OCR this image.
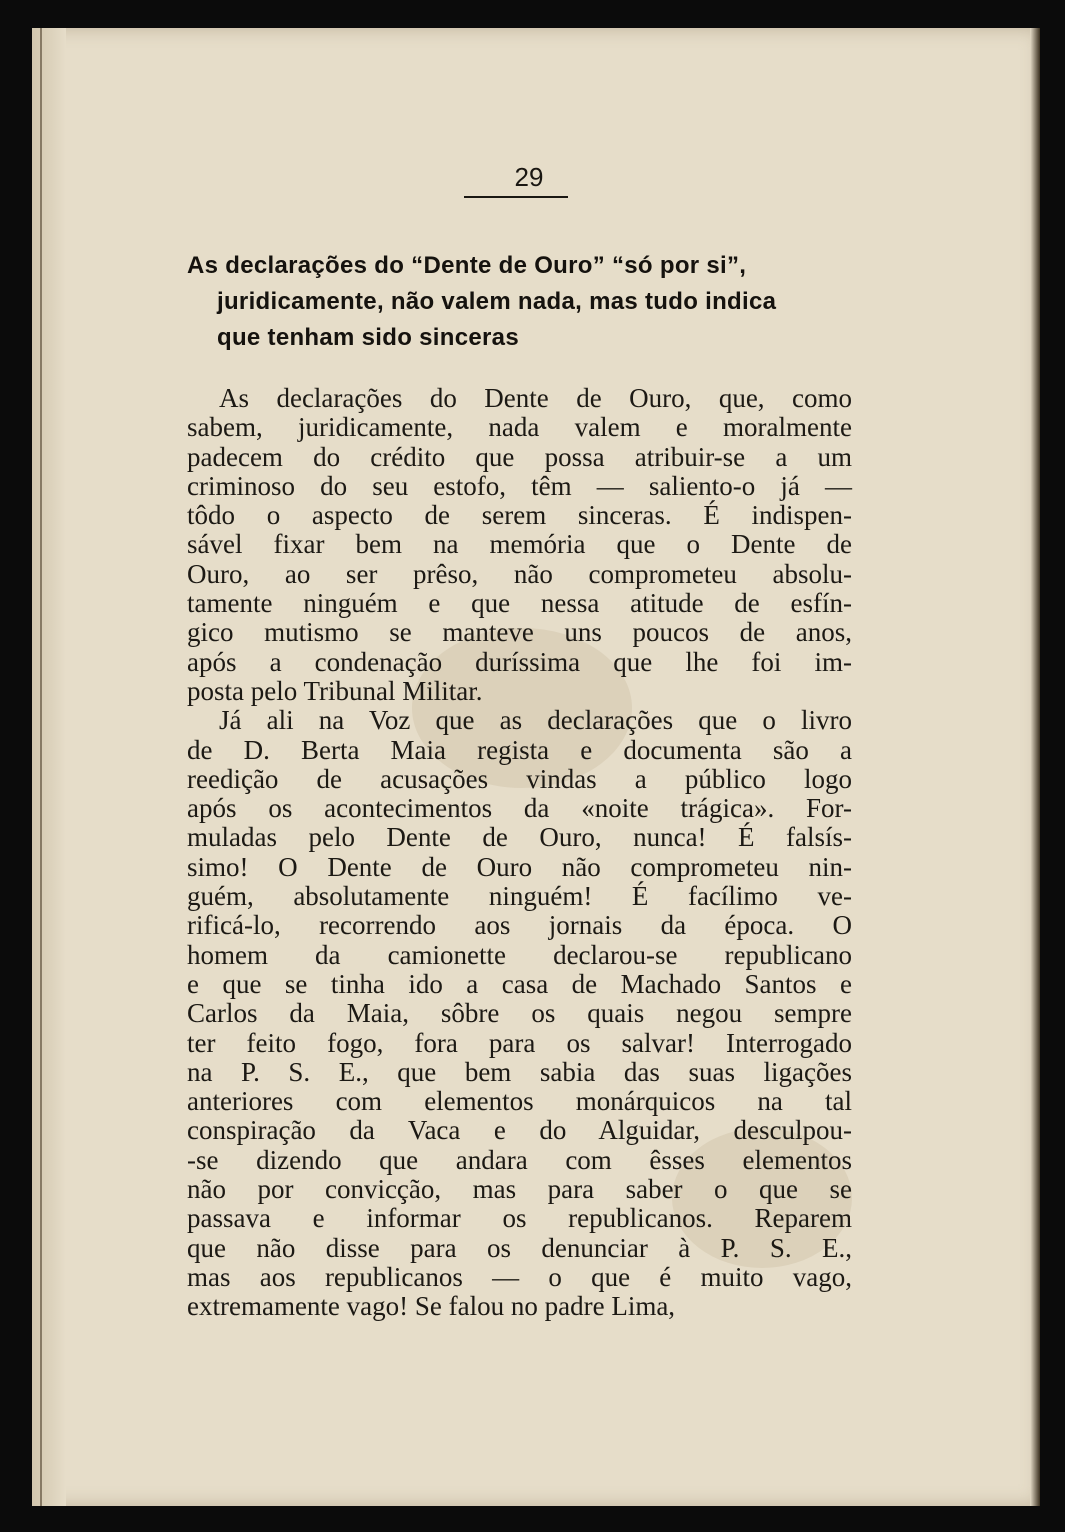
29
As declarações do “Dente de Ouro” “só por si”,
juridicamente, não valem nada, mas tudo indica
que tenham sido sinceras
As declarações do Dente de Ouro, que, como
sabem, juridicamente, nada valem e moralmente
padecem do crédito que possa atribuir-se a um
criminoso do seu estofo, têm — saliento-o já —
tôdo o aspecto de serem sinceras. É indispen-
sável fixar bem na memória que o Dente de
Ouro, ao ser prêso, não comprometeu absolu-
tamente ninguém e que nessa atitude de esfín-
gico mutismo se manteve uns poucos de anos,
após a condenação duríssima que lhe foi im-
posta pelo Tribunal Militar.
Já ali na Voz que as declarações que o livro
de D. Berta Maia regista e documenta são a
reedição de acusações vindas a público logo
após os acontecimentos da «noite trágica». For-
muladas pelo Dente de Ouro, nunca! É falsís-
simo! O Dente de Ouro não comprometeu nin-
guém, absolutamente ninguém! É facílimo ve-
rificá-lo, recorrendo aos jornais da época. O
homem da camionette declarou-se republicano
e que se tinha ido a casa de Machado Santos e
Carlos da Maia, sôbre os quais negou sempre
ter feito fogo, fora para os salvar! Interrogado
na P. S. E., que bem sabia das suas ligações
anteriores com elementos monárquicos na tal
conspiração da Vaca e do Alguidar, desculpou-
-se dizendo que andara com êsses elementos
não por convicção, mas para saber o que se
passava e informar os republicanos. Reparem
que não disse para os denunciar à P. S. E.,
mas aos republicanos — o que é muito vago,
extremamente vago! Se falou no padre Lima,
